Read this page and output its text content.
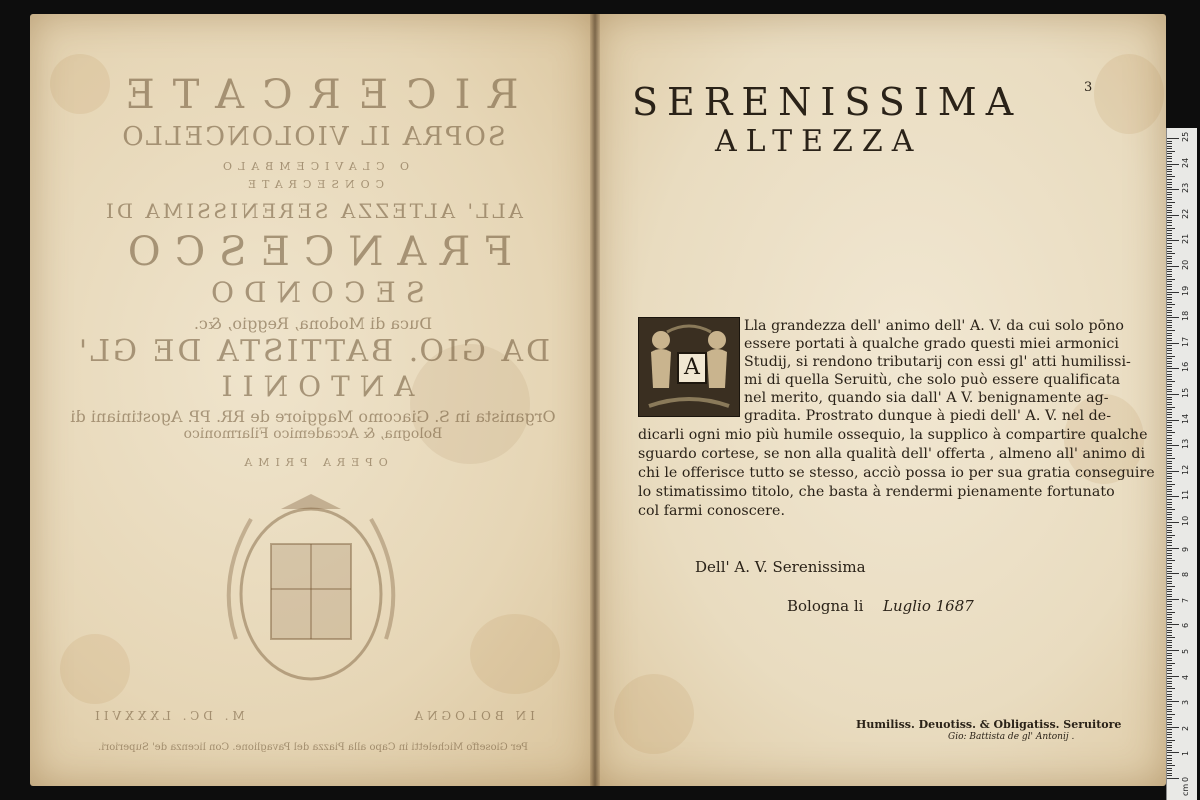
RICERCATE
SOPRA IL VIOLONCELLO
O CLAVICEMBALO
CONSECRATE
ALL' ALTEZZA SERENISSIMA DI
FRANCESCO
SECONDO
Duca di Modona, Reggio, &c.
DA GIO. BATTISTA DE GL'
ANTONII
Organista in S. Giacomo Maggiore de RR. PP. Agostiniani di
Bologna, & Accademico Filarmonico
OPERA PRIMA
IN BOLOGNA  M. DC. LXXXVII
Per Gioseffo Micheletti in Capo alla Piazza del Pavaglione. Con licenza de' Superiori.
SERENISSIMA	3
ALTEZZA
A
Lla grandezza dell' animo dell' A. V. da cui solo pōno
essere portati à qualche grado questi miei armonici
Studij, si rendono tributarij con essi gl' atti humilissi-
mi di quella Seruitù, che solo può essere qualificata
nel merito, quando sia dall' A V. benignamente ag-
gradita. Prostrato dunque à piedi dell' A. V. nel de-
dicarli ogni mio più humile ossequio, la supplico à compartire qualche
sguardo cortese, se non alla qualità dell' offerta , almeno all' animo di
chi le offerisce tutto se stesso, acciò possa io per sua gratia conseguire
lo stimatissimo titolo, che basta à rendermi pienamente fortunato
col farmi conoscere.
Dell' A. V. Serenissima
Bologna li Luglio 1687
Humiliss. Deuotiss. & Obligatiss. Seruitore
Gio: Battista de gl' Antonij .
0
1
2
3
4
5
6
7
8
9
10
11
12
13
14
15
16
17
18
19
20
21
22
23
24
25
cm
